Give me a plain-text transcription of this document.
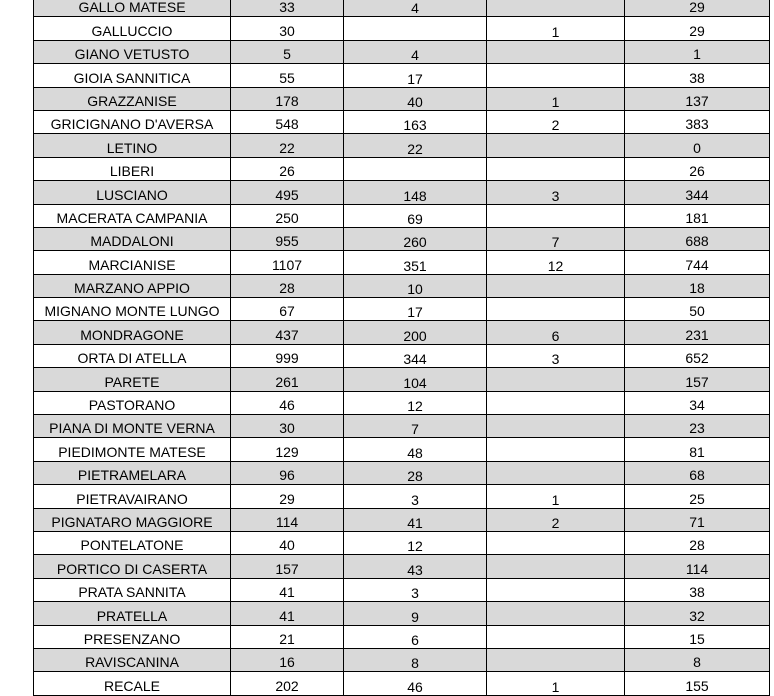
GALLO MATESE	33	4		29
GALLUCCIO	30		1	29
GIANO VETUSTO	5	4		1
GIOIA SANNITICA	55	17		38
GRAZZANISE	178	40	1	137
GRICIGNANO D'AVERSA	548	163	2	383
LETINO	22	22		0
LIBERI	26			26
LUSCIANO	495	148	3	344
MACERATA CAMPANIA	250	69		181
MADDALONI	955	260	7	688
MARCIANISE	1107	351	12	744
MARZANO APPIO	28	10		18
MIGNANO MONTE LUNGO	67	17		50
MONDRAGONE	437	200	6	231
ORTA DI ATELLA	999	344	3	652
PARETE	261	104		157
PASTORANO	46	12		34
PIANA DI MONTE VERNA	30	7		23
PIEDIMONTE MATESE	129	48		81
PIETRAMELARA	96	28		68
PIETRAVAIRANO	29	3	1	25
PIGNATARO MAGGIORE	114	41	2	71
PONTELATONE	40	12		28
PORTICO DI CASERTA	157	43		114
PRATA SANNITA	41	3		38
PRATELLA	41	9		32
PRESENZANO	21	6		15
RAVISCANINA	16	8		8
RECALE	202	46	1	155
